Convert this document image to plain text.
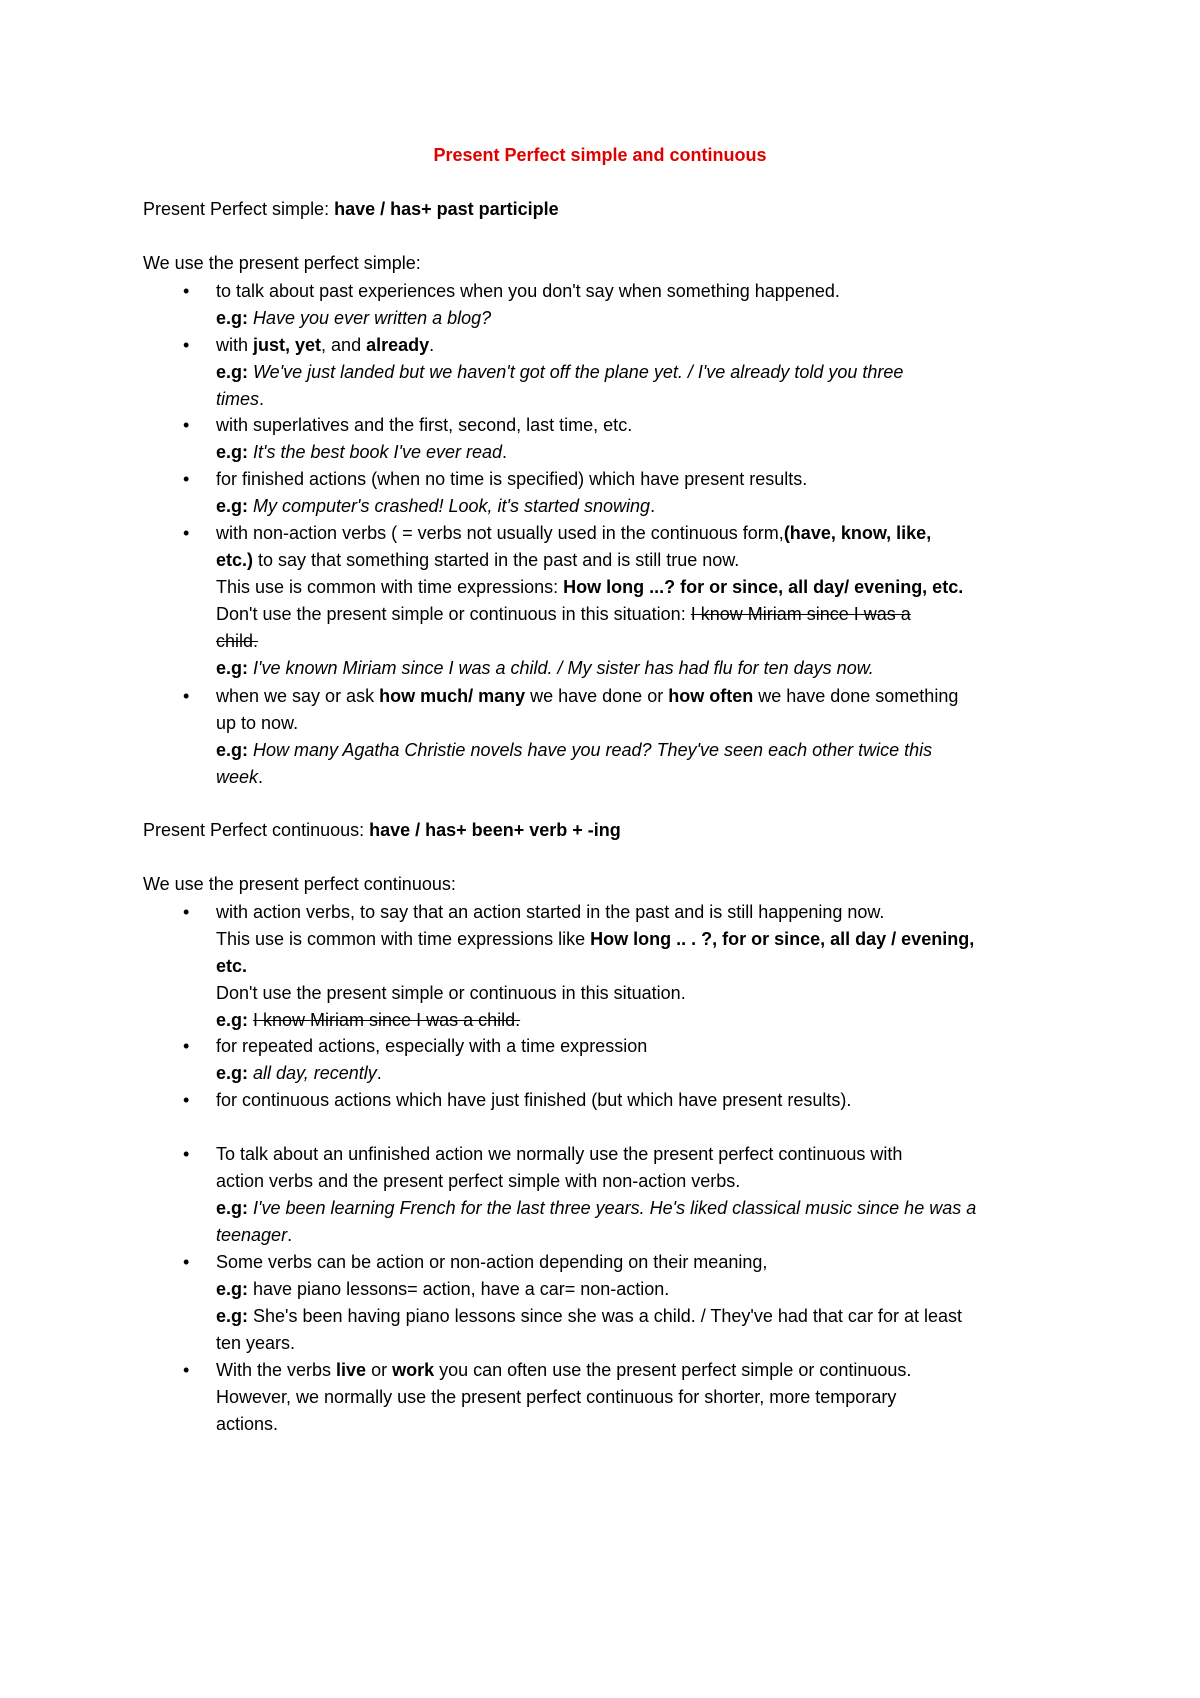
Present Perfect simple and continuous
Present Perfect simple: have / has+ past participle
We use the present perfect simple:
• to talk about past experiences when you don't say when something happened.
e.g: Have you ever written a blog?
• with just, yet, and already.
e.g: We've just landed but we haven't got off the plane yet. / I've already told you three
times.
• with superlatives and the first, second, last time, etc.
e.g: It's the best book I've ever read.
• for finished actions (when no time is specified) which have present results.
e.g: My computer's crashed! Look, it's started snowing.
• with non-action verbs ( = verbs not usually used in the continuous form,(have, know, like,
etc.) to say that something started in the past and is still true now.
This use is common with time expressions: How long ...? for or since, all day/ evening, etc.
Don't use the present simple or continuous in this situation: I know Miriam since I was a
child.
e.g: I've known Miriam since I was a child. / My sister has had flu for ten days now.
• when we say or ask how much/ many we have done or how often we have done something
up to now.
e.g: How many Agatha Christie novels have you read? They've seen each other twice this
week.
Present Perfect continuous: have / has+ been+ verb + -ing
We use the present perfect continuous:
• with action verbs, to say that an action started in the past and is still happening now.
This use is common with time expressions like How long .. . ?, for or since, all day / evening,
etc.
Don't use the present simple or continuous in this situation.
e.g: I know Miriam since I was a child.
• for repeated actions, especially with a time expression
e.g: all day, recently.
• for continuous actions which have just finished (but which have present results).
• To talk about an unfinished action we normally use the present perfect continuous with
action verbs and the present perfect simple with non-action verbs.
e.g: I've been learning French for the last three years. He's liked classical music since he was a
teenager.
• Some verbs can be action or non-action depending on their meaning,
e.g: have piano lessons= action, have a car= non-action.
e.g: She's been having piano lessons since she was a child. / They've had that car for at least
ten years.
• With the verbs live or work you can often use the present perfect simple or continuous.
However, we normally use the present perfect continuous for shorter, more temporary
actions.
